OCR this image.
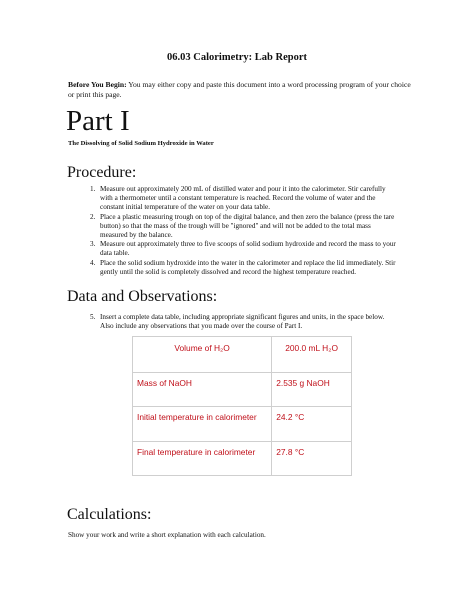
06.03 Calorimetry: Lab Report
Before You Begin: You may either copy and paste this document into a word processing program of your choice or print this page.
Part I
The Dissolving of Solid Sodium Hydroxide in Water
Procedure:
1. Measure out approximately 200 mL of distilled water and pour it into the calorimeter. Stir carefully with a thermometer until a constant temperature is reached. Record the volume of water and the constant initial temperature of the water on your data table.
2. Place a plastic measuring trough on top of the digital balance, and then zero the balance (press the tare button) so that the mass of the trough will be "ignored" and will not be added to the total mass measured by the balance.
3. Measure out approximately three to five scoops of solid sodium hydroxide and record the mass to your data table.
4. Place the solid sodium hydroxide into the water in the calorimeter and replace the lid immediately. Stir gently until the solid is completely dissolved and record the highest temperature reached.
Data and Observations:
5. Insert a complete data table, including appropriate significant figures and units, in the space below. Also include any observations that you made over the course of Part I.
Volume of H₂O	200.0 mL H₂O
Mass of NaOH	2.535 g NaOH
Initial temperature in calorimeter	24.2 °C
Final temperature in calorimeter	27.8 °C
Calculations:
Show your work and write a short explanation with each calculation.
